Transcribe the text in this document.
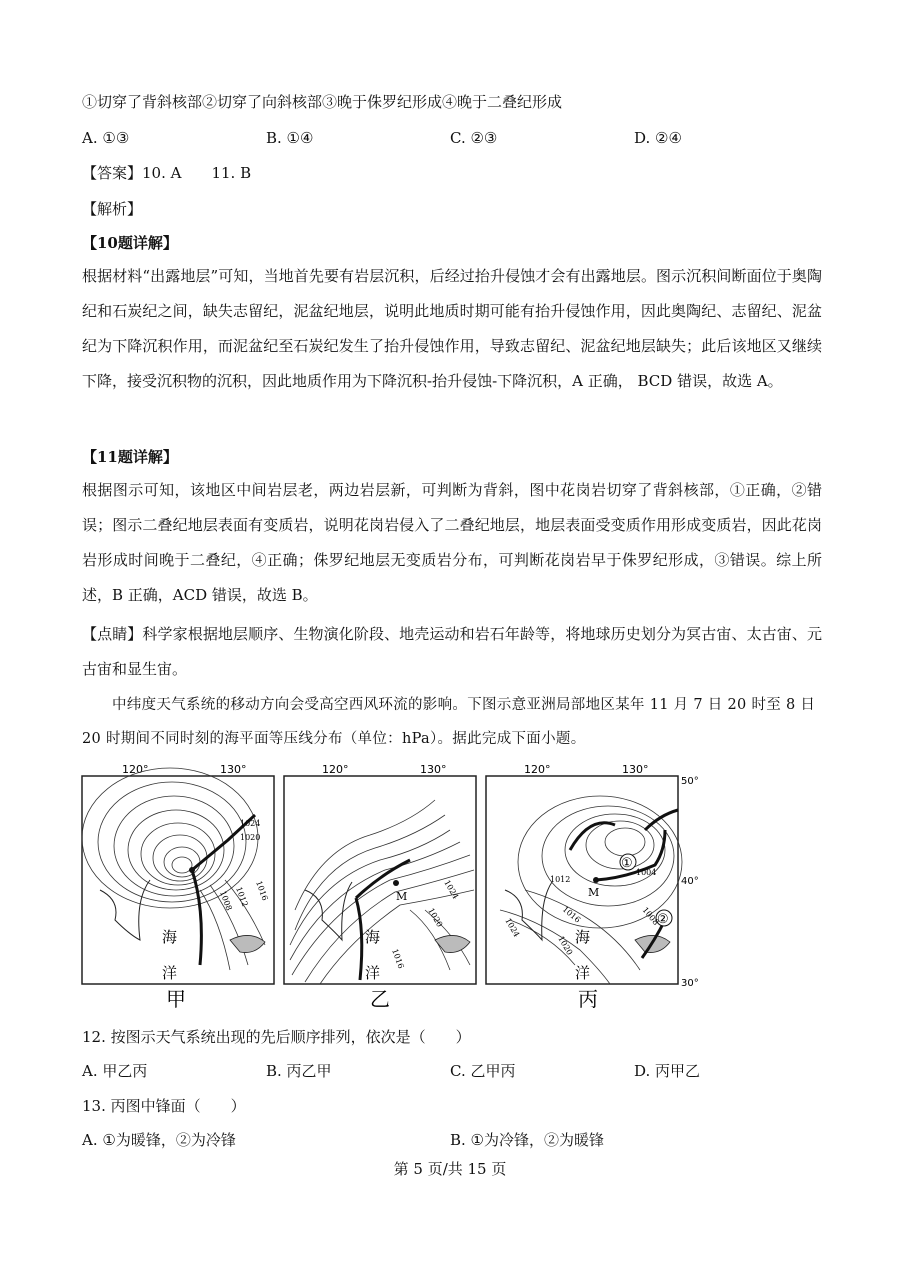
①切穿了背斜核部②切穿了向斜核部③晚于侏罗纪形成④晚于二叠纪形成
A. ①③	B. ①④	C. ②③	D. ②④
【答案】10. A　　11. B
【解析】
【10题详解】
根据材料“出露地层”可知，当地首先要有岩层沉积，后经过抬升侵蚀才会有出露地层。图示沉积间断面位于奥陶纪和石炭纪之间，缺失志留纪，泥盆纪地层，说明此地质时期可能有抬升侵蚀作用，因此奥陶纪、志留纪、泥盆纪为下降沉积作用，而泥盆纪至石炭纪发生了抬升侵蚀作用，导致志留纪、泥盆纪地层缺失；此后该地区又继续下降，接受沉积物的沉积，因此地质作用为下降沉积-抬升侵蚀-下降沉积，A 正确， BCD 错误，故选 A。
【11题详解】
根据图示可知，该地区中间岩层老，两边岩层新，可判断为背斜，图中花岗岩切穿了背斜核部，①正确，②错误；图示二叠纪地层表面有变质岩，说明花岗岩侵入了二叠纪地层，地层表面受变质作用形成变质岩，因此花岗岩形成时间晚于二叠纪，④正确；侏罗纪地层无变质岩分布，可判断花岗岩早于侏罗纪形成，③错误。综上所述，B 正确，ACD 错误，故选 B。
【点睛】科学家根据地层顺序、生物演化阶段、地壳运动和岩石年龄等，将地球历史划分为冥古宙、太古宙、元古宙和显生宙。
中纬度天气系统的移动方向会受高空西风环流的影响。下图示意亚洲局部地区某年 11 月 7 日 20 时至 8 日 20 时期间不同时刻的海平面等压线分布（单位：hPa）。据此完成下面小题。
120°	130°
1024
1020
1016
1012
1008
海
洋
甲
120°	130°
M	1024
1020
1016
海
洋
乙
120°	130°
50°
40°
30°
M
①
②
1004
1008
1012
1016
1020
1024	海
洋
丙
12. 按图示天气系统出现的先后顺序排列，依次是（　　）
A. 甲乙丙	B. 丙乙甲	C. 乙甲丙	D. 丙甲乙
13. 丙图中锋面（　　）
A. ①为暖锋，②为冷锋	B. ①为冷锋，②为暖锋
第 5 页/共 15 页
